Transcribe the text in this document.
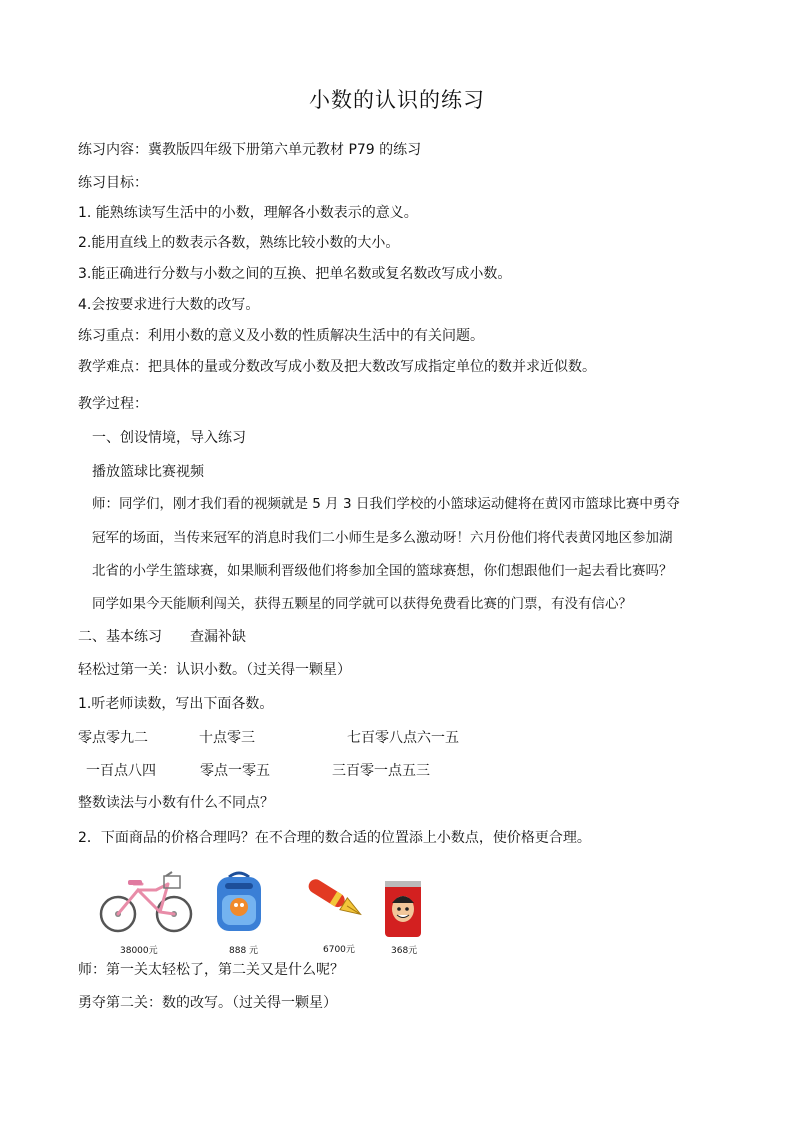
小数的认识的练习
练习内容：冀教版四年级下册第六单元教材 P79 的练习
练习目标：
1. 能熟练读写生活中的小数，理解各小数表示的意义。
2.能用直线上的数表示各数，熟练比较小数的大小。
3.能正确进行分数与小数之间的互换、把单名数或复名数改写成小数。
4.会按要求进行大数的改写。
练习重点：利用小数的意义及小数的性质解决生活中的有关问题。
教学难点：把具体的量或分数改写成小数及把大数改写成指定单位的数并求近似数。
教学过程：
一、创设情境，导入练习
播放篮球比赛视频
师：同学们，刚才我们看的视频就是 5 月 3 日我们学校的小篮球运动健将在黄冈市篮球比赛中勇夺
冠军的场面，当传来冠军的消息时我们二小师生是多么激动呀！六月份他们将代表黄冈地区参加湖
北省的小学生篮球赛，如果顺利晋级他们将参加全国的篮球赛想，你们想跟他们一起去看比赛吗？
同学如果今天能顺利闯关，获得五颗星的同学就可以获得免费看比赛的门票，有没有信心？
二、基本练习　　查漏补缺
轻松过第一关：认识小数。（过关得一颗星）
1.听老师读数，写出下面各数。
零点零九二	十点零三	七百零八点六一五
一百点八四	零点一零五	三百零一点五三
整数读法与小数有什么不同点？
2．下面商品的价格合理吗？在不合理的数合适的位置添上小数点，使价格更合理。
38000元	888 元	6700元	368元
师：第一关太轻松了，第二关又是什么呢？
勇夺第二关：数的改写。（过关得一颗星）
